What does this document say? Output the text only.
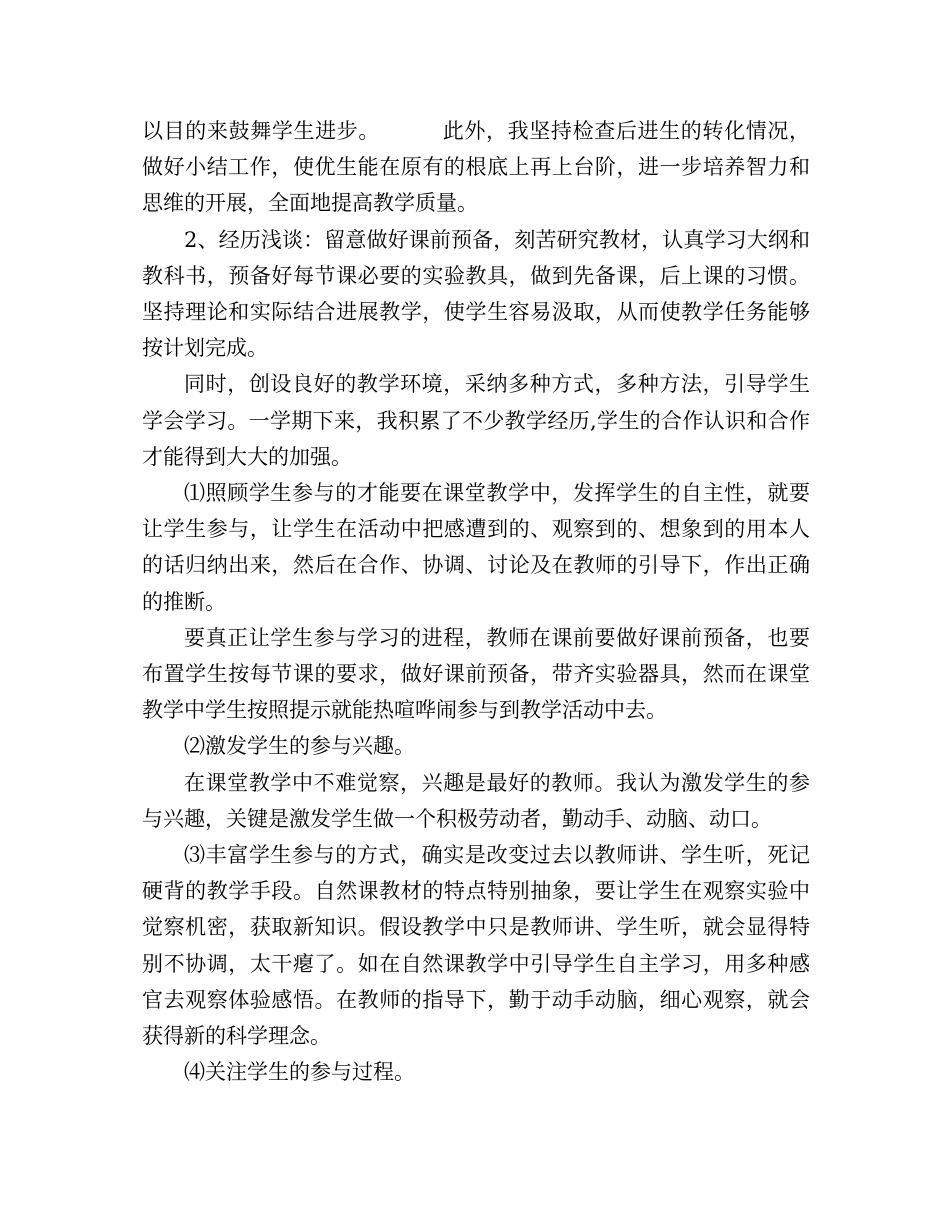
以目的来鼓舞学生进步。	此外，我坚持检查后进生的转化情况，做好小结工作，使优生能在原有的根底上再上台阶，进一步培养智力和思维的开展，全面地提高教学质量。

2、经历浅谈：留意做好课前预备，刻苦研究教材，认真学习大纲和教科书，预备好每节课必要的实验教具，做到先备课，后上课的习惯。坚持理论和实际结合进展教学，使学生容易汲取，从而使教学任务能够按计划完成。

同时，创设良好的教学环境，采纳多种方式，多种方法，引导学生学会学习。一学期下来，我积累了不少教学经历,学生的合作认识和合作才能得到大大的加强。

⑴照顾学生参与的才能要在课堂教学中，发挥学生的自主性，就要让学生参与，让学生在活动中把感遭到的、观察到的、想象到的用本人的话归纳出来，然后在合作、协调、讨论及在教师的引导下，作出正确的推断。

要真正让学生参与学习的进程，教师在课前要做好课前预备，也要布置学生按每节课的要求，做好课前预备，带齐实验器具，然而在课堂教学中学生按照提示就能热喧哗闹参与到教学活动中去。

⑵激发学生的参与兴趣。

在课堂教学中不难觉察，兴趣是最好的教师。我认为激发学生的参与兴趣，关键是激发学生做一个积极劳动者，勤动手、动脑、动口。

⑶丰富学生参与的方式，确实是改变过去以教师讲、学生听，死记硬背的教学手段。自然课教材的特点特别抽象，要让学生在观察实验中觉察机密，获取新知识。假设教学中只是教师讲、学生听，就会显得特别不协调，太干瘪了。如在自然课教学中引导学生自主学习，用多种感官去观察体验感悟。在教师的指导下，勤于动手动脑，细心观察，就会获得新的科学理念。

⑷关注学生的参与过程。
